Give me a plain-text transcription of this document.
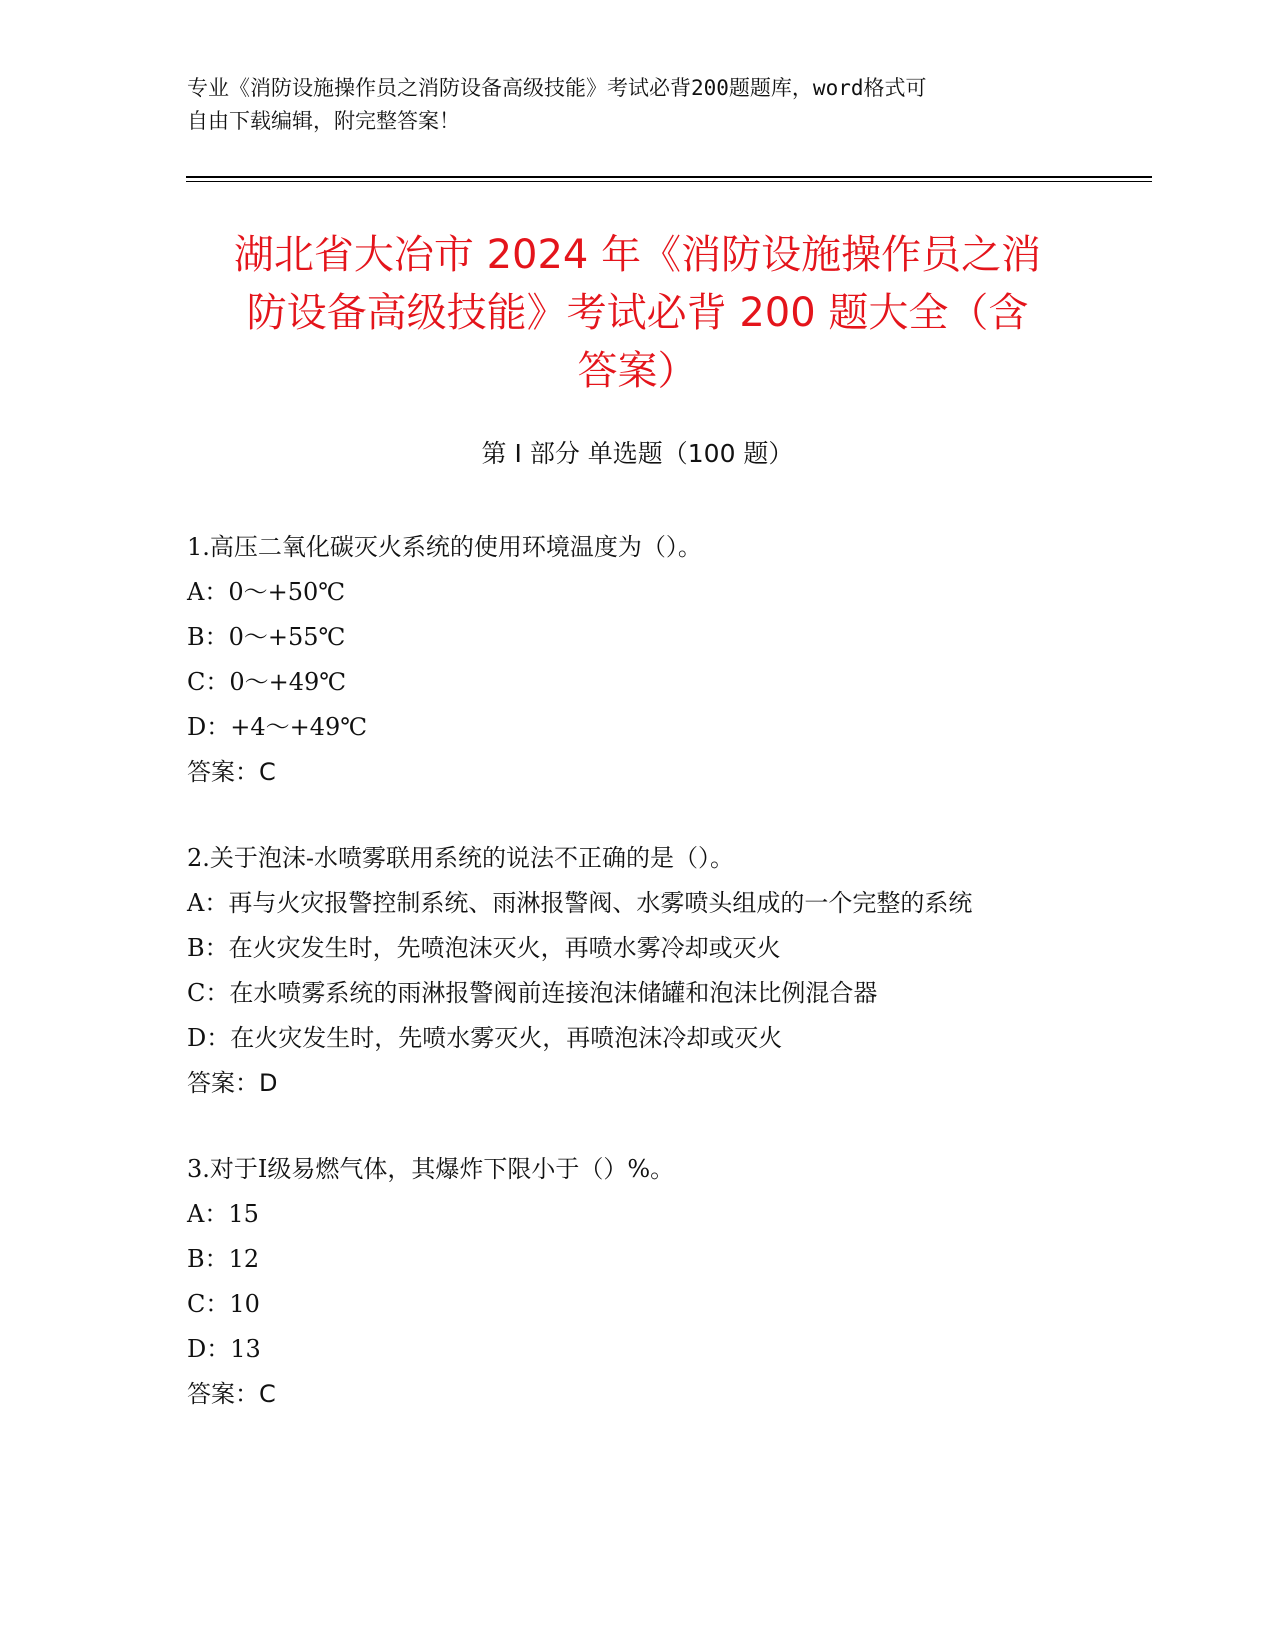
专业《消防设施操作员之消防设备高级技能》考试必背200题题库，word格式可
自由下载编辑，附完整答案！
湖北省大冶市 2024 年《消防设施操作员之消
防设备高级技能》考试必背 200 题大全（含
答案）
第 I 部分 单选题（100 题）
1.高压二氧化碳灭火系统的使用环境温度为（）。
A：0～+50℃
B：0～+55℃
C：0～+49℃
D：+4～+49℃
答案：C
2.关于泡沫-水喷雾联用系统的说法不正确的是（）。
A：再与火灾报警控制系统、雨淋报警阀、水雾喷头组成的一个完整的系统
B：在火灾发生时，先喷泡沫灭火，再喷水雾冷却或灭火
C：在水喷雾系统的雨淋报警阀前连接泡沫储罐和泡沫比例混合器
D：在火灾发生时，先喷水雾灭火，再喷泡沫冷却或灭火
答案：D
3.对于Ⅰ级易燃气体，其爆炸下限小于（）%。
A：15
B：12
C：10
D：13
答案：C
